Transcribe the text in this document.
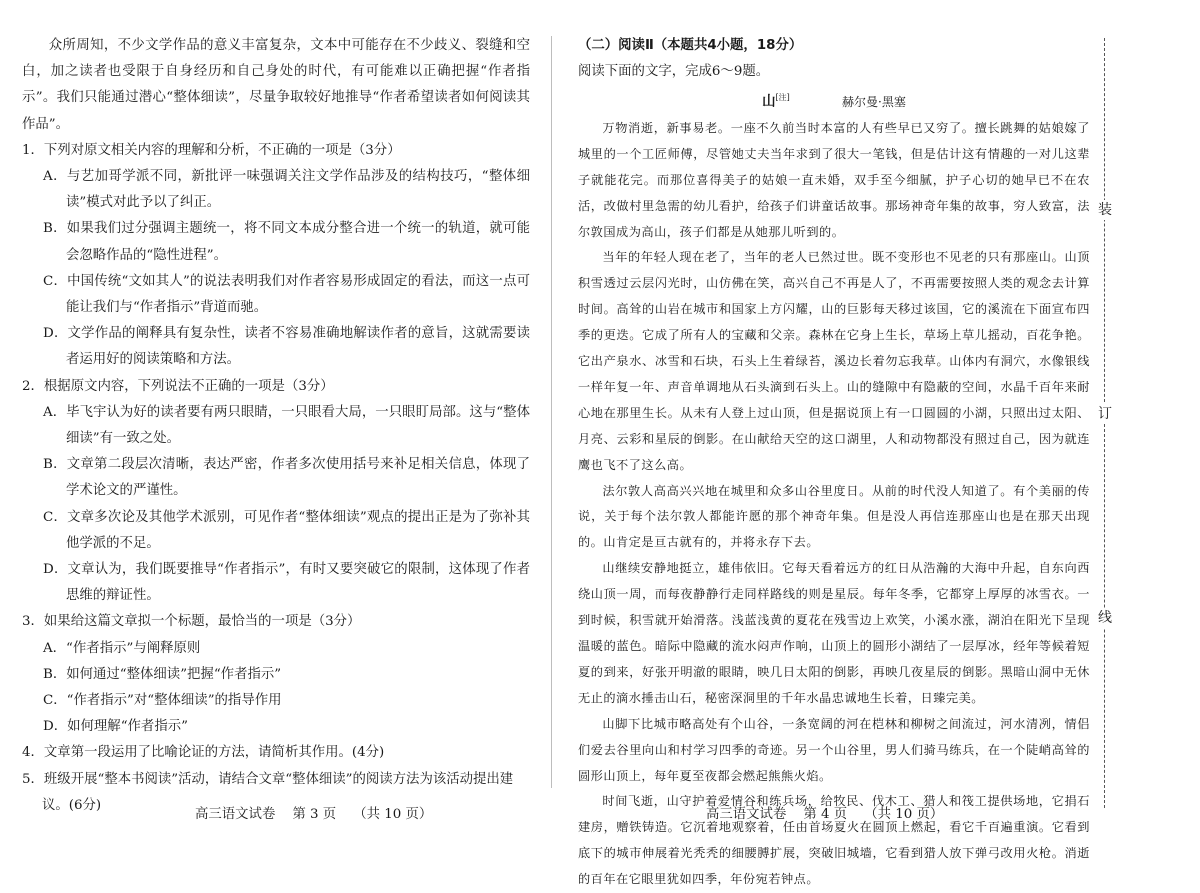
众所周知，不少文学作品的意义丰富复杂，文本中可能存在不少歧义、裂缝和空白，加之读者也受限于自身经历和自己身处的时代，有可能难以正确把握“作者指示”。我们只能通过潜心“整体细读”，尽量争取较好地推导“作者希望读者如何阅读其作品”。

1．下列对原文相关内容的理解和分析，不正确的一项是（3分）

A．与艺加哥学派不同，新批评一味强调关注文学作品涉及的结构技巧，“整体细读”模式对此予以了纠正。

B．如果我们过分强调主题统一，将不同文本成分整合进一个统一的轨道，就可能会忽略作品的“隐性进程”。

C．中国传统“文如其人”的说法表明我们对作者容易形成固定的看法，而这一点可能让我们与“作者指示”背道而驰。

D．文学作品的阐释具有复杂性，读者不容易准确地解读作者的意旨，这就需要读者运用好的阅读策略和方法。

2．根据原文内容，下列说法不正确的一项是（3分）

A．毕飞宇认为好的读者要有两只眼睛，一只眼看大局，一只眼盯局部。这与“整体细读”有一致之处。

B．文章第二段层次清晰，表达严密，作者多次使用括号来补足相关信息，体现了学术论文的严谨性。

C．文章多次论及其他学术派别，可见作者“整体细读”观点的提出正是为了弥补其他学派的不足。

D．文章认为，我们既要推导“作者指示”，有时又要突破它的限制，这体现了作者思维的辩证性。

3．如果给这篇文章拟一个标题，最恰当的一项是（3分）

A．“作者指示”与阐释原则

B．如何通过“整体细读”把握“作者指示”

C．“作者指示”对“整体细读”的指导作用

D．如何理解“作者指示”

4．文章第一段运用了比喻论证的方法，请简析其作用。(4分)

5．班级开展“整本书阅读”活动，请结合文章“整体细读”的阅读方法为该活动提出建议。(6分)

（二）阅读Ⅱ（本题共4小题，18分）

阅读下面的文字，完成6～9题。

山[注]	赫尔曼·黑塞

万物消逝，新事易老。一座不久前当时本富的人有些早已又穷了。擅长跳舞的姑娘嫁了城里的一个工匠师傅，尽管她丈夫当年求到了很大一笔钱，但是估计这有情趣的一对儿这辈子就能花完。而那位喜得美子的姑娘一直未婚，双手至今细腻，护子心切的她早已不在农活，改做村里急需的幼儿看护，给孩子们讲童话故事。那场神奇年集的故事，穷人致富，法尔敦国成为高山，孩子们都是从她那儿听到的。

当年的年轻人现在老了，当年的老人已然过世。既不变形也不见老的只有那座山。山顶积雪透过云层闪光时，山仿佛在笑，高兴自己不再是人了，不再需要按照人类的观念去计算时间。高耸的山岩在城市和国家上方闪耀，山的巨影每天移过该国，它的溪流在下面宣布四季的更迭。它成了所有人的宝藏和父亲。森林在它身上生长，草场上草儿摇动，百花争艳。它出产泉水、冰雪和石块，石头上生着绿苔，溪边长着勿忘我草。山体内有洞穴，水像银线一样年复一年、声音单调地从石头滴到石头上。山的缝隙中有隐蔽的空间，水晶千百年来耐心地在那里生长。从未有人登上过山顶，但是据说顶上有一口圆圆的小湖，只照出过太阳、月亮、云彩和星辰的倒影。在山献给天空的这口湖里，人和动物都没有照过自己，因为就连鹰也飞不了这么高。

法尔敦人高高兴兴地在城里和众多山谷里度日。从前的时代没人知道了。有个美丽的传说，关于每个法尔敦人都能许愿的那个神奇年集。但是没人再信连那座山也是在那天出现的。山肯定是亘古就有的，并将永存下去。

山继续安静地挺立，雄伟依旧。它每天看着远方的红日从浩瀚的大海中升起，自东向西绕山顶一周，而每夜静静行走同样路线的则是星辰。每年冬季，它都穿上厚厚的冰雪衣。一到时候，积雪就开始滑落。浅蓝浅黄的夏花在残雪边上欢笑，小溪水涨，湖泊在阳光下呈现温暖的蓝色。暗际中隐藏的流水闷声作响，山顶上的圆形小湖结了一层厚冰，经年等候着短夏的到来，好张开明澈的眼睛，映几日太阳的倒影，再映几夜星辰的倒影。黑暗山洞中无休无止的滴水捶击山石，秘密深洞里的千年水晶忠诚地生长着，日臻完美。

山脚下比城市略高处有个山谷，一条宽阔的河在桤林和柳树之间流过，河水清冽，情侣们爱去谷里向山和村学习四季的奇迹。另一个山谷里，男人们骑马练兵，在一个陡峭高耸的圆形山顶上，每年夏至夜都会燃起熊熊火焰。

时间飞逝，山守护着爱情谷和练兵场，给牧民、伐木工、猎人和筏工提供场地，它捐石建房，赠铁铸造。它沉着地观察着，任由首场夏火在圆顶上燃起，看它千百遍重演。它看到底下的城市伸展着光秃秃的细腰膊扩展，突破旧城墙，它看到猎人放下弹弓改用火枪。消逝的百年在它眼里犹如四季，年份宛若钟点。

装
订
线
高三语文试卷    第 3 页    （共 10 页）	高三语文试卷    第 4 页    （共 10 页）
